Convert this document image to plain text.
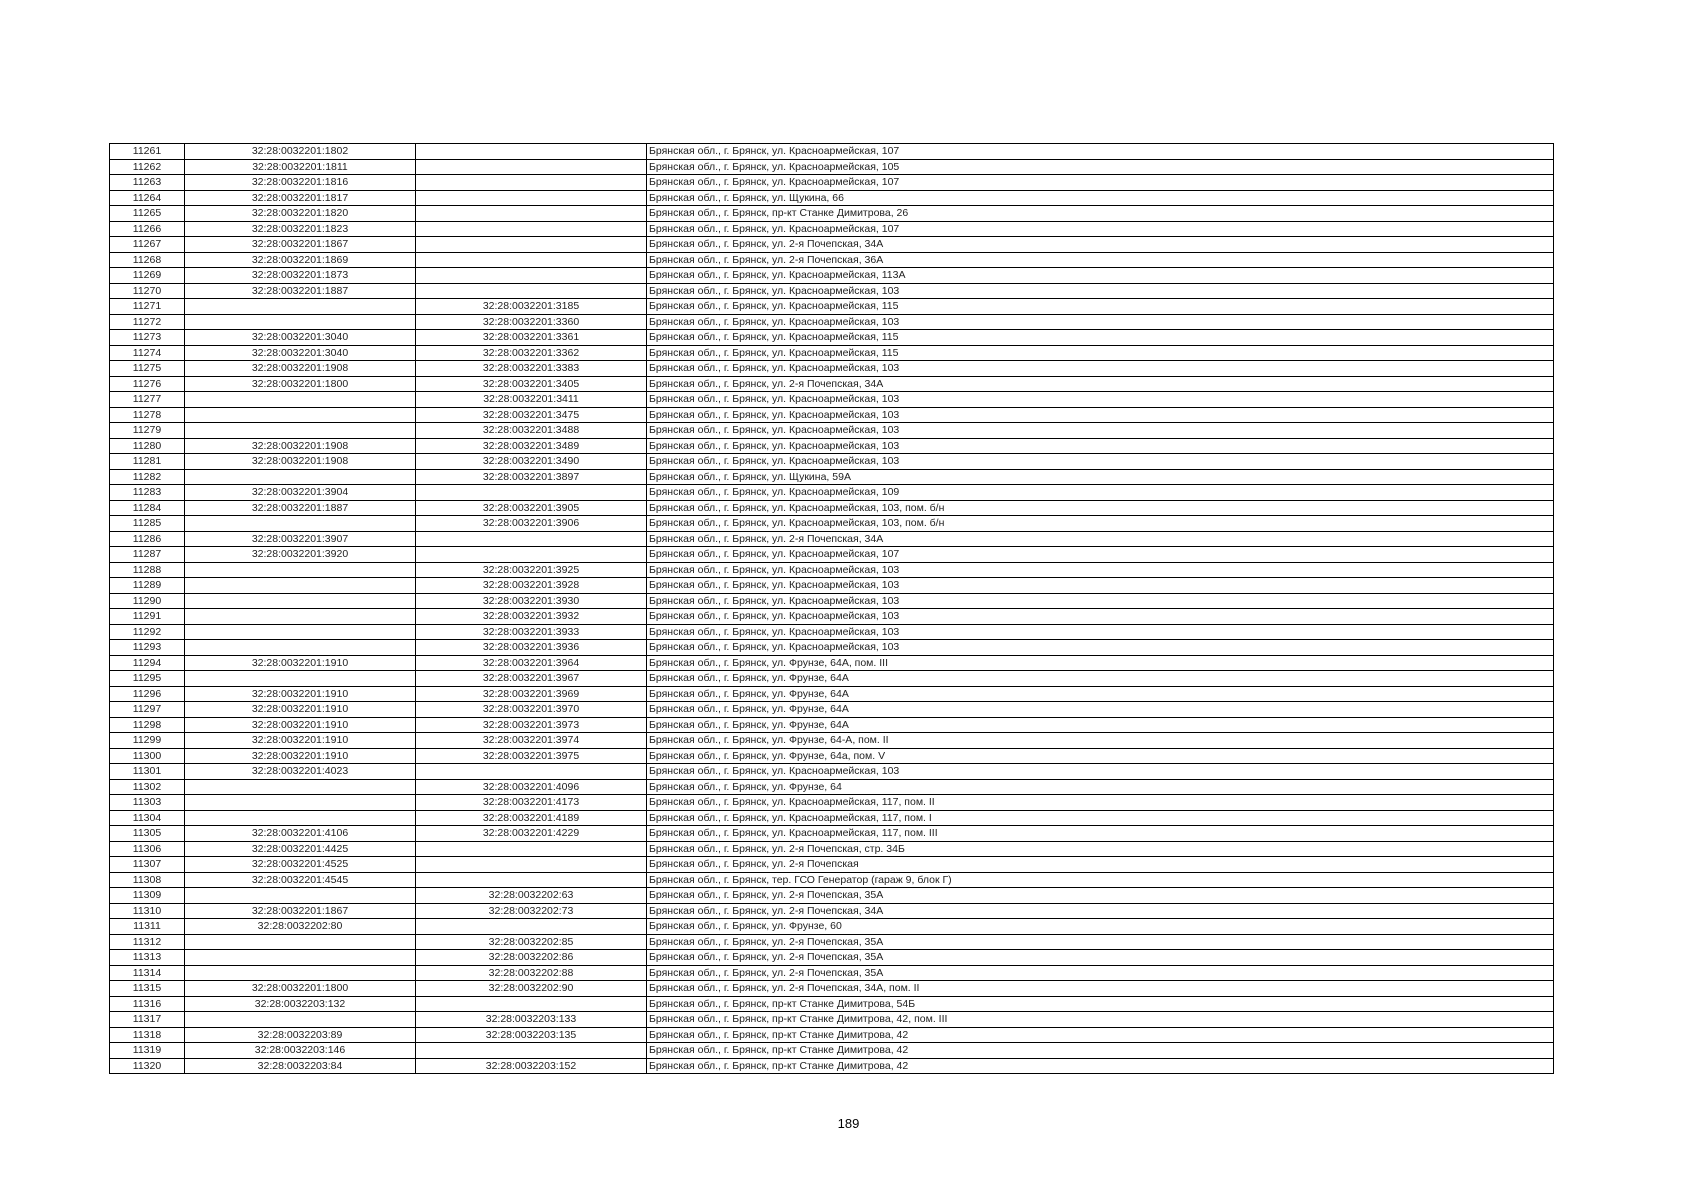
11261	32:28:0032201:1802		Брянская обл., г. Брянск, ул. Красноармейская, 107
11262	32:28:0032201:1811		Брянская обл., г. Брянск, ул. Красноармейская, 105
11263	32:28:0032201:1816		Брянская обл., г. Брянск, ул. Красноармейская, 107
11264	32:28:0032201:1817		Брянская обл., г. Брянск, ул. Щукина, 66
11265	32:28:0032201:1820		Брянская обл., г. Брянск, пр-кт Станке Димитрова, 26
11266	32:28:0032201:1823		Брянская обл., г. Брянск, ул. Красноармейская, 107
11267	32:28:0032201:1867		Брянская обл., г. Брянск, ул. 2-я Почепская, 34А
11268	32:28:0032201:1869		Брянская обл., г. Брянск, ул. 2-я Почепская, 36А
11269	32:28:0032201:1873		Брянская обл., г. Брянск, ул. Красноармейская, 113А
11270	32:28:0032201:1887		Брянская обл., г. Брянск, ул. Красноармейская, 103
11271		32:28:0032201:3185	Брянская обл., г. Брянск, ул. Красноармейская, 115
11272		32:28:0032201:3360	Брянская обл., г. Брянск, ул. Красноармейская, 103
11273	32:28:0032201:3040	32:28:0032201:3361	Брянская обл., г. Брянск, ул. Красноармейская, 115
11274	32:28:0032201:3040	32:28:0032201:3362	Брянская обл., г. Брянск, ул. Красноармейская, 115
11275	32:28:0032201:1908	32:28:0032201:3383	Брянская обл., г. Брянск, ул. Красноармейская, 103
11276	32:28:0032201:1800	32:28:0032201:3405	Брянская обл., г. Брянск, ул. 2-я Почепская, 34А
11277		32:28:0032201:3411	Брянская обл., г. Брянск, ул. Красноармейская, 103
11278		32:28:0032201:3475	Брянская обл., г. Брянск, ул. Красноармейская, 103
11279		32:28:0032201:3488	Брянская обл., г. Брянск, ул. Красноармейская, 103
11280	32:28:0032201:1908	32:28:0032201:3489	Брянская обл., г. Брянск, ул. Красноармейская, 103
11281	32:28:0032201:1908	32:28:0032201:3490	Брянская обл., г. Брянск, ул. Красноармейская, 103
11282		32:28:0032201:3897	Брянская обл., г. Брянск, ул. Щукина, 59А
11283	32:28:0032201:3904		Брянская обл., г. Брянск, ул. Красноармейская, 109
11284	32:28:0032201:1887	32:28:0032201:3905	Брянская обл., г. Брянск, ул. Красноармейская, 103, пом. б/н
11285		32:28:0032201:3906	Брянская обл., г. Брянск, ул. Красноармейская, 103, пом. б/н
11286	32:28:0032201:3907		Брянская обл., г. Брянск, ул. 2-я Почепская, 34А
11287	32:28:0032201:3920		Брянская обл., г. Брянск, ул. Красноармейская, 107
11288		32:28:0032201:3925	Брянская обл., г. Брянск, ул. Красноармейская, 103
11289		32:28:0032201:3928	Брянская обл., г. Брянск, ул. Красноармейская, 103
11290		32:28:0032201:3930	Брянская обл., г. Брянск, ул. Красноармейская, 103
11291		32:28:0032201:3932	Брянская обл., г. Брянск, ул. Красноармейская, 103
11292		32:28:0032201:3933	Брянская обл., г. Брянск, ул. Красноармейская, 103
11293		32:28:0032201:3936	Брянская обл., г. Брянск, ул. Красноармейская, 103
11294	32:28:0032201:1910	32:28:0032201:3964	Брянская обл., г. Брянск, ул. Фрунзе, 64А, пом. III
11295		32:28:0032201:3967	Брянская обл., г. Брянск, ул. Фрунзе, 64А
11296	32:28:0032201:1910	32:28:0032201:3969	Брянская обл., г. Брянск, ул. Фрунзе, 64А
11297	32:28:0032201:1910	32:28:0032201:3970	Брянская обл., г. Брянск, ул. Фрунзе, 64А
11298	32:28:0032201:1910	32:28:0032201:3973	Брянская обл., г. Брянск, ул. Фрунзе, 64А
11299	32:28:0032201:1910	32:28:0032201:3974	Брянская обл., г. Брянск, ул. Фрунзе, 64-А, пом. II
11300	32:28:0032201:1910	32:28:0032201:3975	Брянская обл., г. Брянск, ул. Фрунзе, 64а, пом. V
11301	32:28:0032201:4023		Брянская обл., г. Брянск, ул. Красноармейская, 103
11302		32:28:0032201:4096	Брянская обл., г. Брянск, ул. Фрунзе, 64
11303		32:28:0032201:4173	Брянская обл., г. Брянск, ул. Красноармейская, 117, пом. II
11304		32:28:0032201:4189	Брянская обл., г. Брянск, ул. Красноармейская, 117, пом. I
11305	32:28:0032201:4106	32:28:0032201:4229	Брянская обл., г. Брянск, ул. Красноармейская, 117, пом. III
11306	32:28:0032201:4425		Брянская обл., г. Брянск, ул. 2-я Почепская, стр. 34Б
11307	32:28:0032201:4525		Брянская обл., г. Брянск, ул. 2-я Почепская
11308	32:28:0032201:4545		Брянская обл., г. Брянск, тер. ГСО Генератор (гараж 9, блок Г)
11309		32:28:0032202:63	Брянская обл., г. Брянск, ул. 2-я Почепская, 35А
11310	32:28:0032201:1867	32:28:0032202:73	Брянская обл., г. Брянск, ул. 2-я Почепская, 34А
11311	32:28:0032202:80		Брянская обл., г. Брянск, ул. Фрунзе, 60
11312		32:28:0032202:85	Брянская обл., г. Брянск, ул. 2-я Почепская, 35А
11313		32:28:0032202:86	Брянская обл., г. Брянск, ул. 2-я Почепская, 35А
11314		32:28:0032202:88	Брянская обл., г. Брянск, ул. 2-я Почепская, 35А
11315	32:28:0032201:1800	32:28:0032202:90	Брянская обл., г. Брянск, ул. 2-я Почепская, 34А, пом. II
11316	32:28:0032203:132		Брянская обл., г. Брянск, пр-кт Станке Димитрова, 54Б
11317		32:28:0032203:133	Брянская обл., г. Брянск, пр-кт Станке Димитрова, 42, пом. III
11318	32:28:0032203:89	32:28:0032203:135	Брянская обл., г. Брянск, пр-кт Станке Димитрова, 42
11319	32:28:0032203:146		Брянская обл., г. Брянск, пр-кт Станке Димитрова, 42
11320	32:28:0032203:84	32:28:0032203:152	Брянская обл., г. Брянск, пр-кт Станке Димитрова, 42
189
